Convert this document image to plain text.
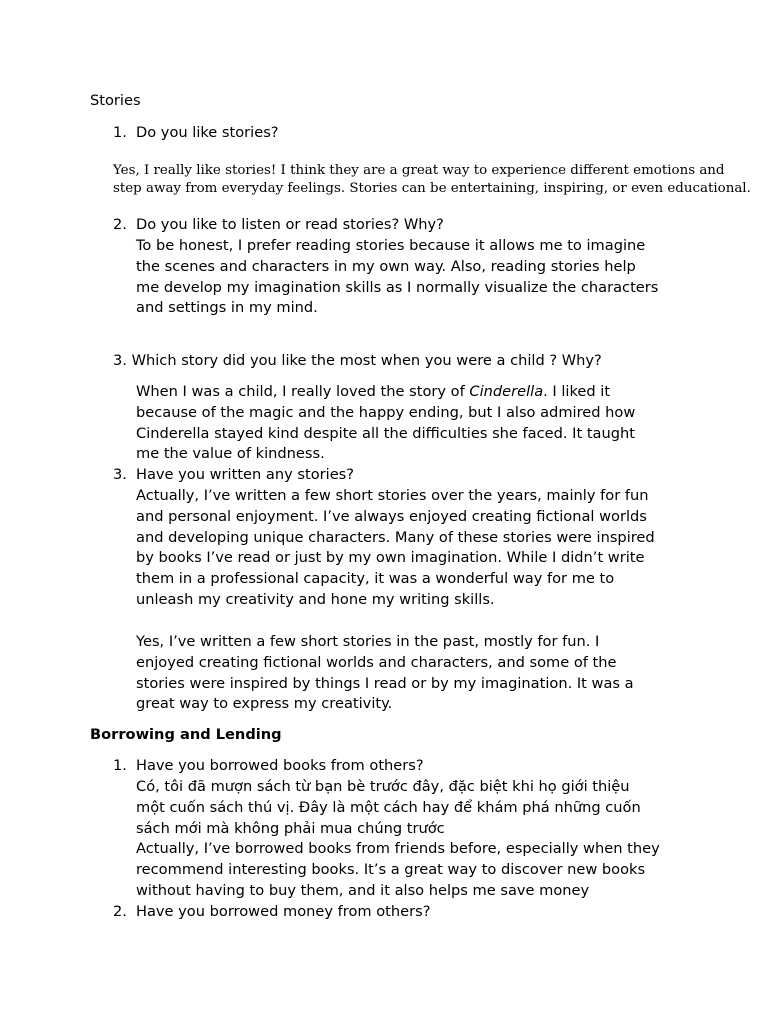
Stories
1. Do you like stories?
Yes, I really like stories! I think they are a great way to experience different emotions and
step away from everyday feelings. Stories can be entertaining, inspiring, or even educational.
2. Do you like to listen or read stories? Why?
To be honest, I prefer reading stories because it allows me to imagine
the scenes and characters in my own way. Also, reading stories help
me develop my imagination skills as I normally visualize the characters
and settings in my mind.
3. Which story did you like the most when you were a child ? Why?
When I was a child, I really loved the story of Cinderella. I liked it
because of the magic and the happy ending, but I also admired how
Cinderella stayed kind despite all the difficulties she faced. It taught
me the value of kindness.
3. Have you written any stories?
Actually, I’ve written a few short stories over the years, mainly for fun
and personal enjoyment. I’ve always enjoyed creating fictional worlds
and developing unique characters. Many of these stories were inspired
by books I’ve read or just by my own imagination. While I didn’t write
them in a professional capacity, it was a wonderful way for me to
unleash my creativity and hone my writing skills.
Yes, I’ve written a few short stories in the past, mostly for fun. I
enjoyed creating fictional worlds and characters, and some of the
stories were inspired by things I read or by my imagination. It was a
great way to express my creativity.
Borrowing and Lending
1. Have you borrowed books from others?
Có, tôi đã mượn sách từ bạn bè trước đây, đặc biệt khi họ giới thiệu
một cuốn sách thú vị. Đây là một cách hay để khám phá những cuốn
sách mới mà không phải mua chúng trước
Actually, I’ve borrowed books from friends before, especially when they
recommend interesting books. It’s a great way to discover new books
without having to buy them, and it also helps me save money
2. Have you borrowed money from others?
